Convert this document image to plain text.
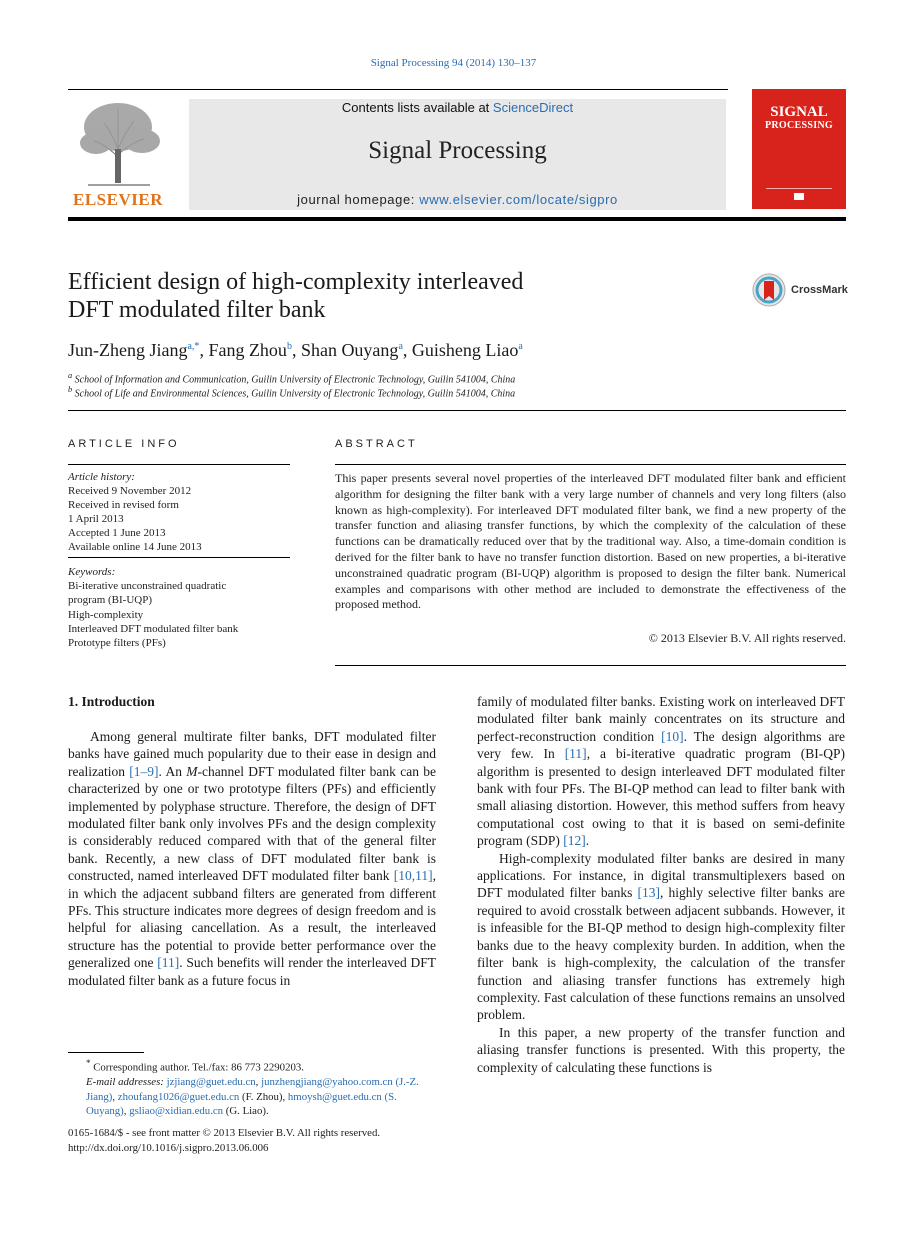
Signal Processing 94 (2014) 130–137
ELSEVIER
Contents lists available at ScienceDirect
Signal Processing
journal homepage: www.elsevier.com/locate/sigpro
SIGNAL
PROCESSING
Efficient design of high-complexity interleaved
DFT modulated filter bank
CrossMark
Jun-Zheng Jiang$^{a,*}$, Fang Zhou$^b$, Shan Ouyang$^a$, Guisheng Liao$^a$
$^a$ School of Information and Communication, Guilin University of Electronic Technology, Guilin 541004, China
$^b$ School of Life and Environmental Sciences, Guilin University of Electronic Technology, Guilin 541004, China
ARTICLE INFO
Article history:
Received 9 November 2012
Received in revised form
1 April 2013
Accepted 1 June 2013
Available online 14 June 2013
Keywords:
Bi-iterative unconstrained quadratic
program (BI-UQP)
High-complexity
Interleaved DFT modulated filter bank
Prototype filters (PFs)
ABSTRACT
This paper presents several novel properties of the interleaved DFT modulated filter bank and efficient algorithm for designing the filter bank with a very large number of channels and very long filters (also known as high-complexity). For interleaved DFT modulated filter bank, we find a new property of the transfer function and aliasing transfer functions, by which the complexity of the calculation of these functions can be dramatically reduced over that by the traditional way. Also, a time-domain condition is derived for the filter bank to have no transfer function distortion. Based on new properties, a bi-iterative unconstrained quadratic program (BI-UQP) algorithm is proposed to design the filter bank. Numerical examples and comparisons with other method are included to demonstrate the effectiveness of the proposed method.
© 2013 Elsevier B.V. All rights reserved.
1. Introduction

Among general multirate filter banks, DFT modulated filter banks have gained much popularity due to their ease in design and realization [1–9]. An M-channel DFT modulated filter bank can be characterized by one or two prototype filters (PFs) and efficiently implemented by polyphase structure. Therefore, the design of DFT modulated filter bank only involves PFs and the design complexity is considerably reduced compared with that of the general filter bank. Recently, a new class of DFT modulated filter bank is constructed, named interleaved DFT modulated filter bank [10,11], in which the adjacent subband filters are generated from different PFs. This structure indicates more degrees of design freedom and is helpful for aliasing cancellation. As a result, the interleaved structure has the potential to provide better performance over the generalized one [11]. Such benefits will render the interleaved DFT modulated filter bank as a future focus in

family of modulated filter banks. Existing work on interleaved DFT modulated filter bank mainly concentrates on its structure and perfect-reconstruction condition [10]. The design algorithms are very few. In [11], a bi-iterative quadratic program (BI-QP) algorithm is presented to design interleaved DFT modulated filter bank with four PFs. The BI-QP method can lead to filter bank with small aliasing distortion. However, this method suffers from heavy computational cost owing to that it is based on semi-definite program (SDP) [12].

High-complexity modulated filter banks are desired in many applications. For instance, in digital transmultiplexers based on DFT modulated filter banks [13], highly selective filter banks are required to avoid crosstalk between adjacent subbands. However, it is infeasible for the BI-QP method to design high-complexity filter banks due to the heavy complexity burden. In addition, when the filter bank is high-complexity, the calculation of the transfer function and aliasing transfer functions has extremely high complexity. Fast calculation of these functions remains an unsolved problem.

In this paper, a new property of the transfer function and aliasing transfer functions is presented. With this property, the complexity of calculating these functions is

* Corresponding author. Tel./fax: 86 773 2290203.
E-mail addresses: jzjiang@guet.edu.cn, junzhengjiang@yahoo.com.cn (J.-Z. Jiang), zhoufang1026@guet.edu.cn (F. Zhou), hmoysh@guet.edu.cn (S. Ouyang), gsliao@xidian.edu.cn (G. Liao).
0165-1684/$ - see front matter © 2013 Elsevier B.V. All rights reserved.
http://dx.doi.org/10.1016/j.sigpro.2013.06.006
